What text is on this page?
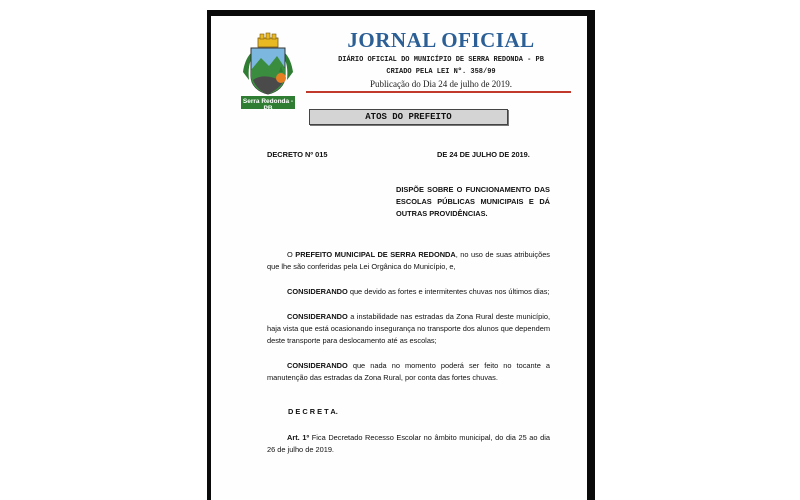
Serra Redonda - PB
JORNAL OFICIAL
DIÁRIO OFICIAL DO MUNICÍPIO DE SERRA REDONDA - PB
CRIADO PELA LEI Nº. 358/99
Publicação do Dia 24 de julho de 2019.
ATOS DO PREFEITO
DECRETO Nº 015	DE 24 DE JULHO DE 2019.
DISPÕE SOBRE O FUNCIONAMENTO DAS ESCOLAS PÚBLICAS MUNICIPAIS E DÁ OUTRAS PROVIDÊNCIAS.
O PREFEITO MUNICIPAL DE SERRA REDONDA, no uso de suas atribuições que lhe são conferidas pela Lei Orgânica do Município, e,
CONSIDERANDO que devido as fortes e intermitentes chuvas nos últimos dias;
CONSIDERANDO a instabilidade nas estradas da Zona Rural deste município, haja vista que está ocasionando insegurança no transporte dos alunos que dependem deste transporte para deslocamento até as escolas;
CONSIDERANDO que nada no momento poderá ser feito no tocante a manutenção das estradas da Zona Rural, por conta das fortes chuvas.
D E C R E T A.
Art. 1º Fica Decretado Recesso Escolar no âmbito municipal, do dia 25 ao dia 26 de julho de 2019.
